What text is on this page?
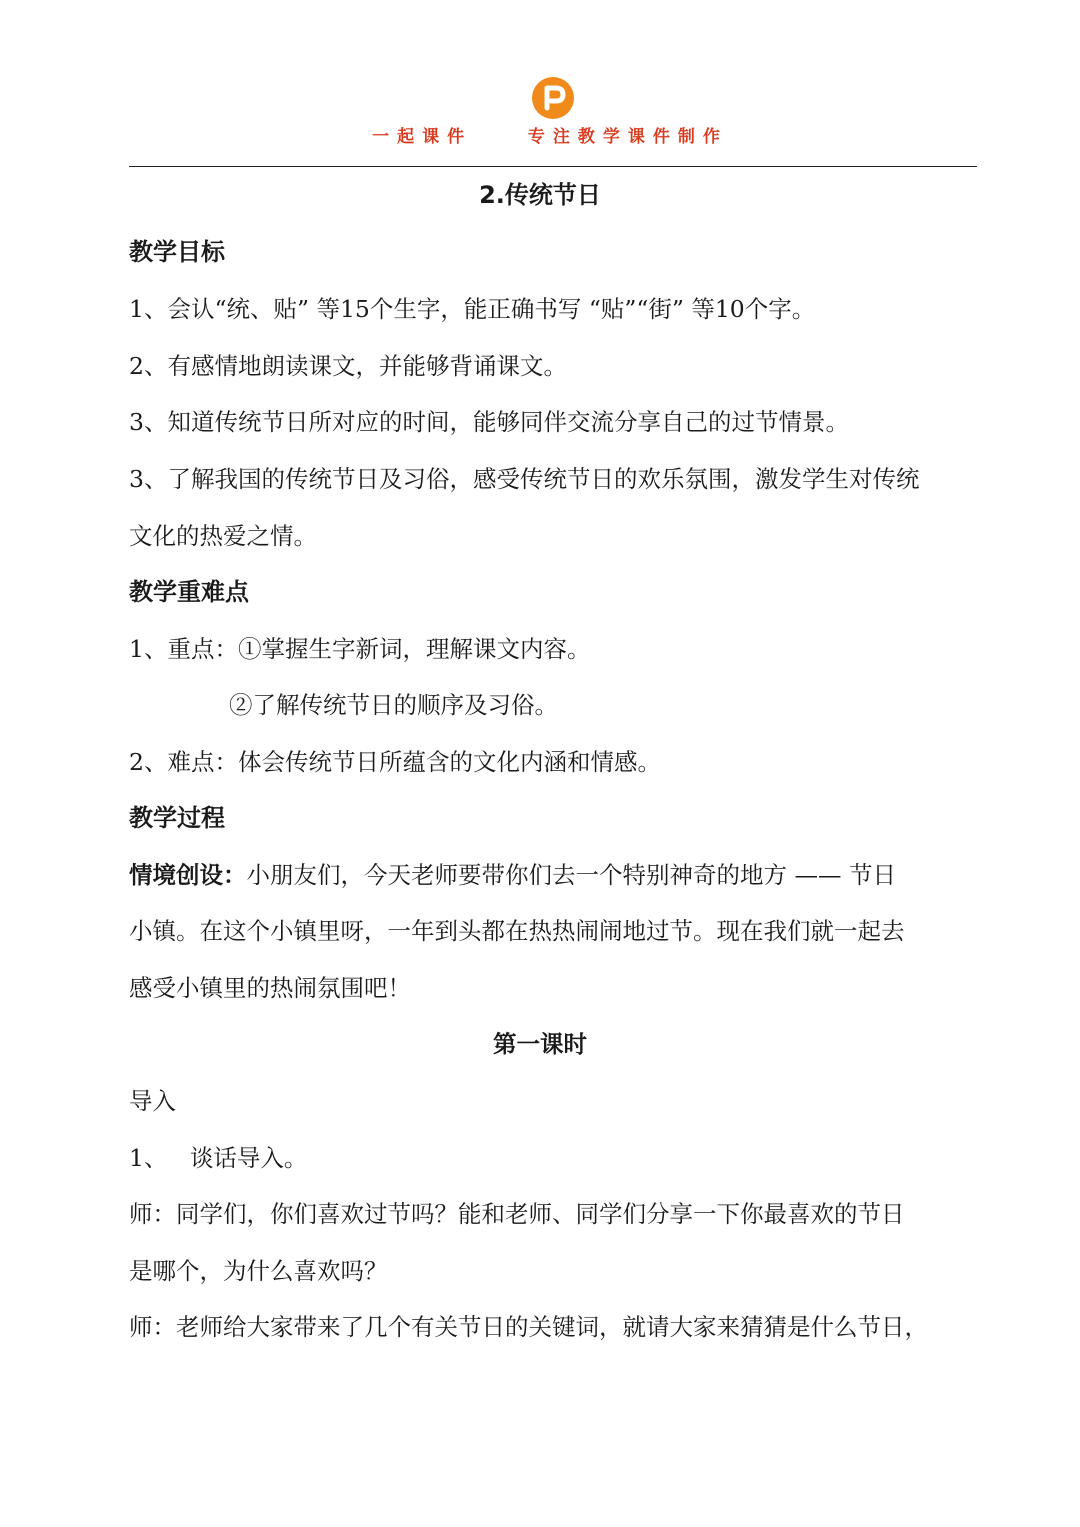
一起课件    专注教学课件制作
2.传统节日
教学目标
1、会认“统、贴” 等15个生字，能正确书写 “贴”“街” 等10个字。
2、有感情地朗读课文，并能够背诵课文。
3、知道传统节日所对应的时间，能够同伴交流分享自己的过节情景。
3、了解我国的传统节日及习俗，感受传统节日的欢乐氛围，激发学生对传统
文化的热爱之情。
教学重难点
1、重点：①掌握生字新词，理解课文内容。
②了解传统节日的顺序及习俗。
2、难点：体会传统节日所蕴含的文化内涵和情感。
教学过程
情境创设：小朋友们，今天老师要带你们去一个特别神奇的地方 —— 节日
小镇。在这个小镇里呀，一年到头都在热热闹闹地过节。现在我们就一起去
感受小镇里的热闹氛围吧！
第一课时
导入
1、   谈话导入。
师：同学们，你们喜欢过节吗？能和老师、同学们分享一下你最喜欢的节日
是哪个，为什么喜欢吗？
师：老师给大家带来了几个有关节日的关键词，就请大家来猜猜是什么节日，
